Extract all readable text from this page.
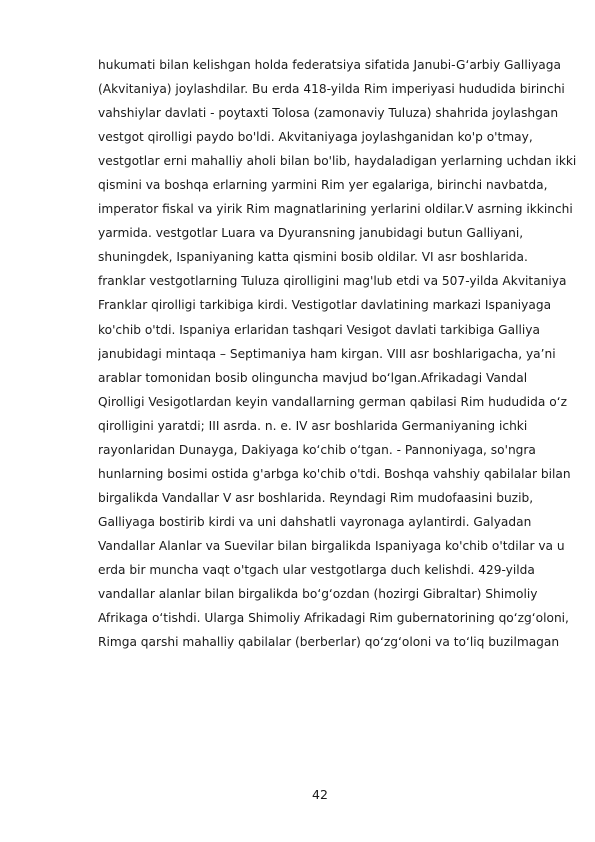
hukumati bilan kelishgan holda federatsiya sifatida Janubi-G‘arbiy Galliyaga
(Akvitaniya) joylashdilar. Bu erda 418-yilda Rim imperiyasi hududida birinchi
vahshiylar davlati - poytaxti Tolosa (zamonaviy Tuluza) shahrida joylashgan
vestgot qirolligi paydo bo'ldi. Akvitaniyaga joylashganidan ko'p o'tmay,
vestgotlar erni mahalliy aholi bilan bo'lib, haydaladigan yerlarning uchdan ikki
qismini va boshqa erlarning yarmini Rim yer egalariga, birinchi navbatda,
imperator fiskal va yirik Rim magnatlarining yerlarini oldilar.V asrning ikkinchi
yarmida. vestgotlar Luara va Dyuransning janubidagi butun Galliyani,
shuningdek, Ispaniyaning katta qismini bosib oldilar. VI asr boshlarida.
franklar vestgotlarning Tuluza qirolligini mag'lub etdi va 507-yilda Akvitaniya
Franklar qirolligi tarkibiga kirdi. Vestigotlar davlatining markazi Ispaniyaga
ko'chib o'tdi. Ispaniya erlaridan tashqari Vesigot davlati tarkibiga Galliya
janubidagi mintaqa – Septimaniya ham kirgan. VIII asr boshlarigacha, ya’ni
arablar tomonidan bosib olinguncha mavjud bo‘lgan.Afrikadagi Vandal
Qirolligi Vesigotlardan keyin vandallarning german qabilasi Rim hududida o‘z
qirolligini yaratdi; III asrda. n. e. IV asr boshlarida Germaniyaning ichki
rayonlaridan Dunayga, Dakiyaga ko‘chib o‘tgan. - Pannoniyaga, so'ngra
hunlarning bosimi ostida g'arbga ko'chib o'tdi. Boshqa vahshiy qabilalar bilan
birgalikda Vandallar V asr boshlarida. Reyndagi Rim mudofaasini buzib,
Galliyaga bostirib kirdi va uni dahshatli vayronaga aylantirdi. Galyadan
Vandallar Alanlar va Suevilar bilan birgalikda Ispaniyaga ko'chib o'tdilar va u
erda bir muncha vaqt o'tgach ular vestgotlarga duch kelishdi. 429-yilda
vandallar alanlar bilan birgalikda bo‘g‘ozdan (hozirgi Gibraltar) Shimoliy
Afrikaga o‘tishdi. Ularga Shimoliy Afrikadagi Rim gubernatorining qo‘zg‘oloni,
Rimga qarshi mahalliy qabilalar (berberlar) qo‘zg‘oloni va to‘liq buzilmagan
42
